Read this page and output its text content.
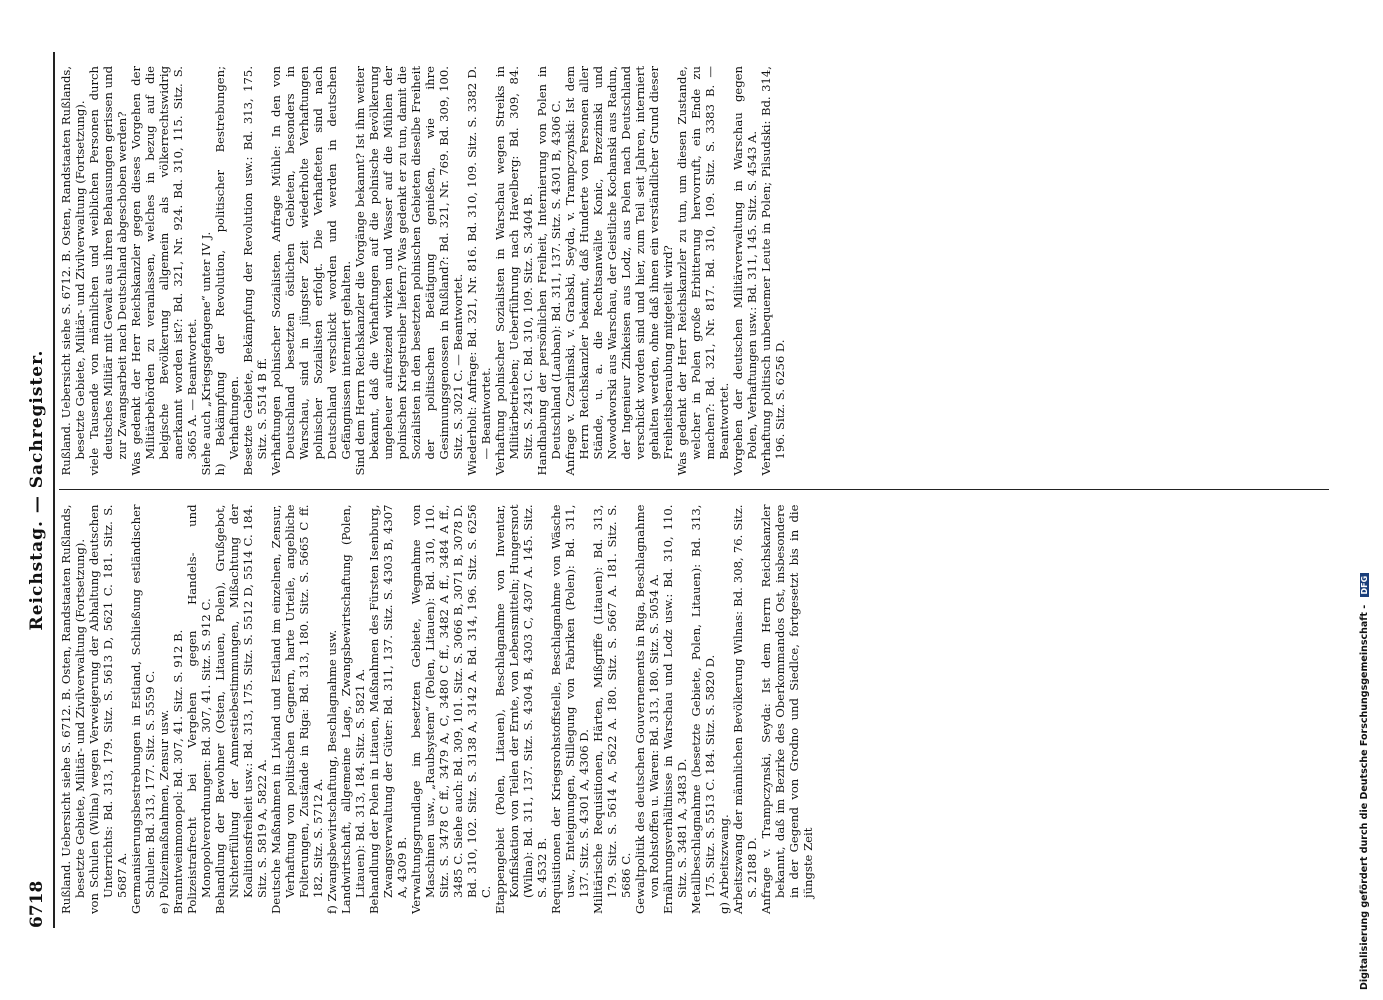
6718
Reichstag. — Sachregister.

Rußland. Uebersicht siehe S. 6712. B. Osten, Randstaaten Rußlands, besetzte Gebiete, Militär- und Zivilverwaltung (Fortsetzung). von Schulen (Wilna) wegen Verweigerung der Abhaltung deutschen Unterrichts: Bd. 313, 179. Sitz. S. 5613 D, 5621 C. 181. Sitz. S. 5687 A. Germanisierungsbestrebungen in Estland, Schließung estländischer Schulen: Bd. 313, 177. Sitz. S. 5559 C. e) Polizeimaßnahmen, Zensur usw. Branntweinmonopol: Bd. 307, 41. Sitz. S. 912 B. Polizeistrafrecht bei Vergehen gegen Handels- und Monopolverordnungen: Bd. 307, 41. Sitz. S. 912 C. Behandlung der Bewohner (Osten, Litauen, Polen), Grußgebot, Nichterfüllung der Amnestiebestimmungen, Mißachtung der Koalitionsfreiheit usw.: Bd. 313, 175. Sitz. S. 5512 D, 5514 C. 184. Sitz. S. 5819 A, 5822 A. Deutsche Maßnahmen in Livland und Estland im einzelnen, Zensur, Verhaftung von politischen Gegnern, harte Urteile, angebliche Folterungen, Zustände in Riga: Bd. 313, 180. Sitz. S. 5665 C ff. 182. Sitz. S. 5712 A. f) Zwangsbewirtschaftung, Beschlagnahme usw. Landwirtschaft, allgemeine Lage, Zwangsbewirtschaftung (Polen, Litauen): Bd. 313, 184. Sitz. S. 5821 A. Behandlung der Polen in Litauen, Maßnahmen des Fürsten Isenburg, Zwangsverwaltung der Güter: Bd. 311, 137. Sitz. S. 4303 B, 4307 A, 4309 B. Verwaltungsgrundlage im besetzten Gebiete, Wegnahme von Maschinen usw., „Raubsystem“ (Polen, Litauen): Bd. 310, 110. Sitz. S. 3478 C ff., 3479 A, C, 3480 C ff., 3482 A ff., 3484 A ff., 3485 C. Siehe auch: Bd. 309, 101. Sitz. S. 3066 B, 3071 B, 3078 D. Bd. 310, 102. Sitz. S. 3138 A, 3142 A. Bd. 314, 196. Sitz. S. 6256 C. Etappengebiet (Polen, Litauen), Beschlagnahme von Inventar, Konfiskation von Teilen der Ernte, von Lebensmitteln; Hungersnot (Wilna): Bd. 311, 137. Sitz. S. 4304 B, 4303 C, 4307 A. 145. Sitz. S. 4532 B. Requisitionen der Kriegsrohstoffstelle, Beschlagnahme von Wäsche usw., Enteignungen, Stillegung von Fabriken (Polen): Bd. 311, 137. Sitz. S. 4301 A, 4306 D. Militärische Requisitionen, Härten, Mißgriffe (Litauen): Bd. 313, 179. Sitz. S. 5614 A, 5622 A. 180. Sitz. S. 5667 A. 181. Sitz. S. 5686 C. Gewaltpolitik des deutschen Gouvernements in Riga, Beschlagnahme von Rohstoffen u. Waren: Bd. 313, 180. Sitz. S. 5054 A. Ernährungsverhältnisse in Warschau und Lodz usw.: Bd. 310, 110. Sitz. S. 3481 A, 3483 D. Metallbeschlagnahme (besetzte Gebiete, Polen, Litauen): Bd. 313, 175. Sitz. S. 5513 C. 184. Sitz. S. 5820 D. g) Arbeitszwang. Arbeitszwang der männlichen Bevölkerung Wilnas: Bd. 308, 76. Sitz. S. 2188 D. Anfrage v. Trampczynski, Seyda: Ist dem Herrn Reichskanzler bekannt, daß im Bezirke des Oberkommandos Ost, insbesondere in der Gegend von Grodno und Siedlce, fortgesetzt bis in die jüngste Zeit

Rußland. Uebersicht siehe S. 6712. B. Osten, Randstaaten Rußlands, besetzte Gebiete, Militär- und Zivilverwaltung (Fortsetzung). viele Tausende von männlichen und weiblichen Personen durch deutsches Militär mit Gewalt aus ihren Behausungen gerissen und zur Zwangsarbeit nach Deutschland abgeschoben werden? Was gedenkt der Herr Reichskanzler gegen dieses Vorgehen der Militärbehörden zu veranlassen, welches in bezug auf die belgische Bevölkerung allgemein als völkerrechtswidrig anerkannt worden ist?: Bd. 321, Nr. 924. Bd. 310, 115. Sitz. S. 3665 A. — Beantwortet. Siehe auch „Kriegsgefangene“ unter IV J. h) Bekämpfung der Revolution, politischer Bestrebungen; Verhaftungen. Besetzte Gebiete, Bekämpfung der Revolution usw.: Bd. 313, 175. Sitz. S. 5514 B ff. Verhaftungen polnischer Sozialisten. Anfrage Mühle: In den von Deutschland besetzten östlichen Gebieten, besonders in Warschau, sind in jüngster Zeit wiederholte Verhaftungen polnischer Sozialisten erfolgt. Die Verhafteten sind nach Deutschland verschickt worden und werden in deutschen Gefängnissen interniert gehalten. Sind dem Herrn Reichskanzler die Vorgänge bekannt? Ist ihm weiter bekannt, daß die Verhaftungen auf die polnische Bevölkerung ungeheuer aufreizend wirken und Wasser auf die Mühlen der polnischen Kriegstreiber liefern? Was gedenkt er zu tun, damit die Sozialisten in den besetzten polnischen Gebieten dieselbe Freiheit der politischen Betätigung genießen, wie ihre Gesinnungsgenossen in Rußland?: Bd. 321, Nr. 769. Bd. 309, 100. Sitz. S. 3021 C. — Beantwortet. Wiederholt: Anfrage: Bd. 321, Nr. 816. Bd. 310, 109. Sitz. S. 3382 D. — Beantwortet. Verhaftung polnischer Sozialisten in Warschau wegen Streiks in Militärbetrieben; Ueberführung nach Havelberg: Bd. 309, 84. Sitz. S. 2431 C. Bd. 310, 109. Sitz. S. 3404 B. Handhabung der persönlichen Freiheit, Internierung von Polen in Deutschland (Lauban): Bd. 311, 137. Sitz. S. 4301 B, 4306 C. Anfrage v. Czarlinski, v. Grabski, Seyda, v. Trampczynski: Ist dem Herrn Reichskanzler bekannt, daß Hunderte von Personen aller Stände, u. a. die Rechtsanwälte Konic, Brzezinski und Nowodworski aus Warschau, der Geistliche Kochanski aus Radun, der Ingenieur Zinkeisen aus Lodz, aus Polen nach Deutschland verschickt worden sind und hier, zum Teil seit Jahren, interniert gehalten werden, ohne daß ihnen ein verständlicher Grund dieser Freiheitsberaubung mitgeteilt wird? Was gedenkt der Herr Reichskanzler zu tun, um diesen Zustande, welcher in Polen große Erbitterung hervorruft, ein Ende zu machen?: Bd. 321, Nr. 817. Bd. 310, 109. Sitz. S. 3383 B. — Beantwortet. Vorgehen der deutschen Militärverwaltung in Warschau gegen Polen, Verhaftungen usw.: Bd. 311, 145. Sitz. S. 4543 A. Verhaftung politisch unbequemer Leute in Polen; Pilsudski: Bd. 314, 196. Sitz. S. 6256 D.

Digitalisierung gefördert durch die Deutsche Forschungsgemeinschaft - DFG
